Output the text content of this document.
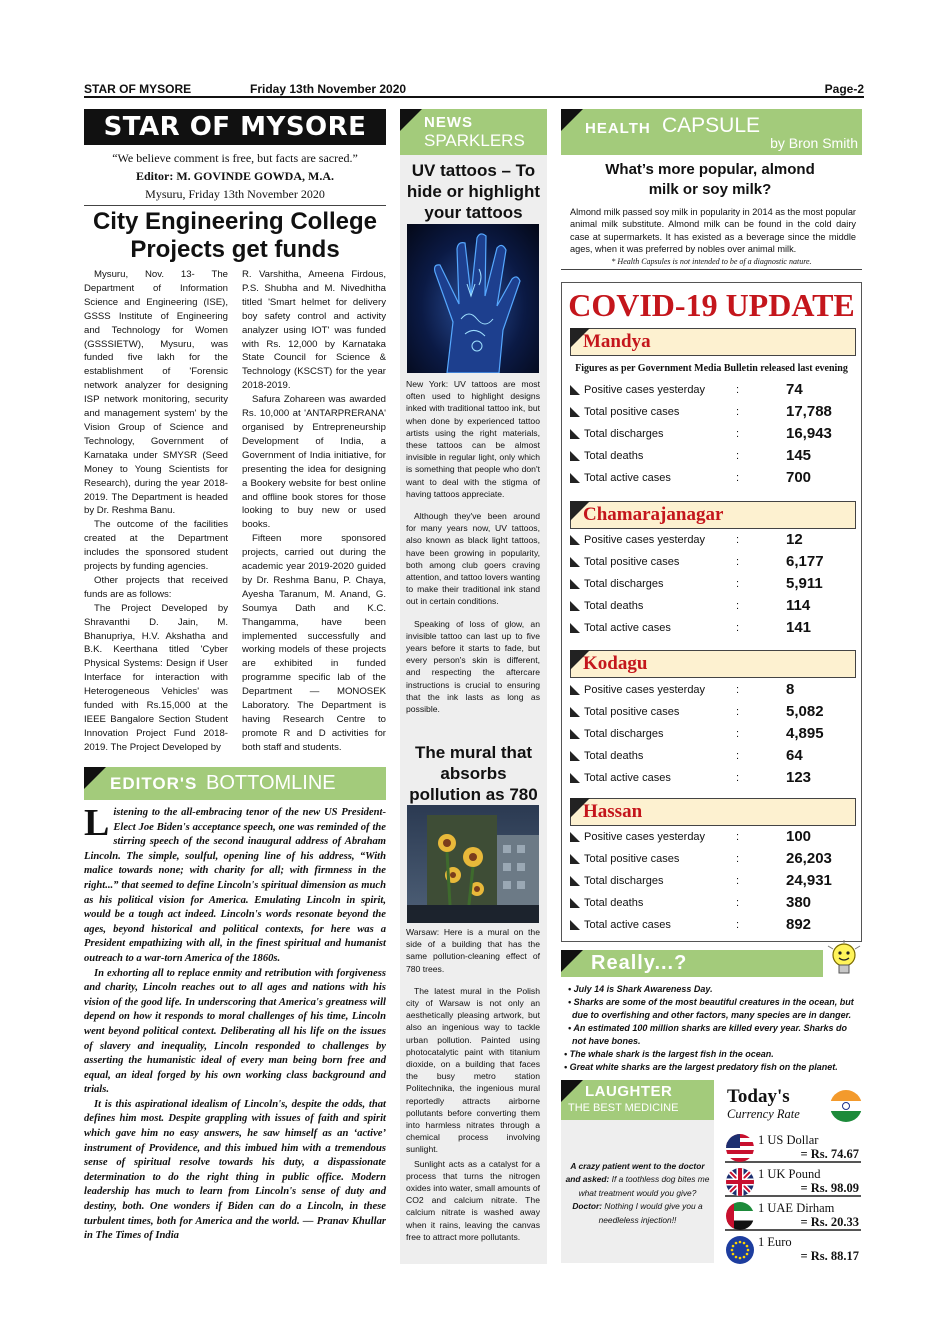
STAR OF MYSORE	Friday 13th November 2020	Page-2
STAR OF MYSORE
“We believe comment is free, but facts are sacred.”
Editor: M. GOVINDE GOWDA, M.A.
Mysuru, Friday 13th November 2020
City Engineering College Projects get funds

Mysuru, Nov. 13- The Department of Information Science and Engineering (ISE), GSSS Institute of Engineering and Technology for Women (GSSSIETW), Mysuru, was funded five lakh for the establishment of 'Forensic network analyzer for designing ISP network monitoring, security and management system' by the Vision Group of Science and Technology, Government of Karnataka under SMYSR (Seed Money to Young Scientists for Research), during the year 2018-2019. The Department is headed by Dr. Reshma Banu.

The outcome of the facilities created at the Department includes the sponsored student projects by funding agencies.

Other projects that received funds are as follows:

The Project Developed by Shravanthi D. Jain, M. Bhanupriya, H.V. Akshatha and B.K. Keerthana titled 'Cyber Physical Systems: Design if User Interface for interaction with Heterogeneous Vehicles' was funded with Rs.15,000 at the IEEE Bangalore Section Student Innovation Project Fund 2018-2019. The Project Developed by

R. Varshitha, Ameena Firdous, P.S. Shubha and M. Nivedhitha titled 'Smart helmet for delivery boy safety control and activity analyzer using IOT' was funded with Rs. 12,000 by Karnataka State Council for Science & Technology (KSCST) for the year 2018-2019.

Safura Zohareen was awarded Rs. 10,000 at 'ANTARPRERANA' organised by Entrepreneurship Development of India, a Government of India initiative, for presenting the idea for designing a Bookery website for best online and offline book stores for those looking to buy new or used books.

Fifteen more sponsored projects, carried out during the academic year 2019-2020 guided by Dr. Reshma Banu, P. Chaya, Ayesha Taranum, M. Anand, G. Soumya Dath and K.C. Thangamma, have been implemented successfully and working models of these projects are exhibited in funded programme specific lab of the Department — MONOSEK Laboratory. The Department is having Research Centre to promote R and D activities for both staff and students.

EDITOR'S BOTTOMLINE

Listening to the all-embracing tenor of the new US President-Elect Joe Biden's acceptance speech, one was reminded of the stirring speech of the second inaugural address of Abraham Lincoln. The simple, soulful, opening line of his address, “With malice towards none; with charity for all; with firmness in the right...” that seemed to define Lincoln's spiritual dimension as much as his political vision for America. Emulating Lincoln in spirit, would be a tough act indeed. Lincoln's words resonate beyond the ages, beyond historical and political contexts, for here was a President empathizing with all, in the finest spiritual and humanist outreach to a war-torn America of the 1860s.

In exhorting all to replace enmity and retribution with forgiveness and charity, Lincoln reaches out to all ages and nations with his vision of the good life. In underscoring that America's greatness will depend on how it responds to moral challenges of his time, Lincoln went beyond political context. Deliberating all his life on the issues of slavery and inequality, Lincoln responded to challenges by asserting the humanistic ideal of every man being born free and equal, an ideal forged by his own working class background and trials.

It is this aspirational idealism of Lincoln's, despite the odds, that defines him most. Despite grappling with issues of faith and spirit which gave him no easy answers, he saw himself as an ‘active’ instrument of Providence, and this imbued him with a tremendous sense of spiritual resolve towards his duty, a dispassionate determination to do the right thing in public office. Modern leadership has much to learn from Lincoln's sense of duty and destiny, both. One wonders if Biden can do a Lincoln, in these turbulent times, both for America and the world. — Pranav Khullar in The Times of India

NEWS
SPARKLERS
UV tattoos – To hide or highlight your tattoos

New York: UV tattoos are most often used to highlight designs inked with traditional tattoo ink, but when done by experienced tattoo artists using the right materials, these tattoos can be almost invisible in regular light, only which is something that people who don't want to deal with the stigma of having tattoos appreciate.

Although they've been around for many years now, UV tattoos, also known as black light tattoos, have been growing in popularity, both among club goers craving attention, and tattoo lovers wanting to make their traditional ink stand out in certain conditions.

Speaking of loss of glow, an invisible tattoo can last up to five years before it starts to fade, but every person's skin is different, and respecting the aftercare instructions is crucial to ensuring that the ink lasts as long as possible.

The mural that absorbs pollution as 780

Warsaw: Here is a mural on the side of a building that has the same pollution-cleaning effect of 780 trees.

The latest mural in the Polish city of Warsaw is not only an aesthetically pleasing artwork, but also an ingenious way to tackle urban pollution. Painted using photocatalytic paint with titanium dioxide, on a building that faces the busy metro station Politechnika, the ingenious mural reportedly attracts airborne pollutants before converting them into harmless nitrates through a chemical process involving sunlight.

Sunlight acts as a catalyst for a process that turns the nitrogen oxides into water, small amounts of CO2 and calcium nitrate. The calcium nitrate is washed away when it rains, leaving the canvas free to attract more pollutants.

HEALTH CAPSULE
by Bron Smith
What’s more popular, almond milk or soy milk?
Almond milk passed soy milk in popularity in 2014 as the most popular animal milk substitute. Almond milk can be found in the cold dairy case at supermarkets. It has existed as a beverage since the middle ages, when it was preferred by nobles over animal milk.
* Health Capsules is not intended to be of a diagnostic nature.
COVID-19 UPDATE
Mandya
Figures as per Government Media Bulletin released last evening
Positive cases yesterday	:	74
Total positive cases	:	17,788
Total discharges	:	16,943
Total deaths	:	145
Total active cases	:	700
Chamarajanagar
Positive cases yesterday	:	12
Total positive cases	:	6,177
Total discharges	:	5,911
Total deaths	:	114
Total active cases	:	141
Kodagu
Positive cases yesterday	:	8
Total positive cases	:	5,082
Total discharges	:	4,895
Total deaths	:	64
Total active cases	:	123
Hassan
Positive cases yesterday	:	100
Total positive cases	:	26,203
Total discharges	:	24,931
Total deaths	:	380
Total active cases	:	892
Really...?
• July 14 is Shark Awareness Day.
• Sharks are some of the most beautiful creatures in the ocean, but due to overfishing and other factors, many species are in danger.
• An estimated 100 million sharks are killed every year. Sharks do not have bones.
• The whale shark is the largest fish in the ocean.
• Great white sharks are the largest predatory fish on the planet.
LAUGHTER
THE BEST MEDICINE
A crazy patient went to the doctor and asked: If a toothless dog bites me what treatment would you give?
Doctor: Nothing I would give you a needleless injection!!
Today's
Currency Rate
1 US Dollar
= Rs. 74.67
1 UK Pound
= Rs. 98.09
1 UAE Dirham
= Rs. 20.33
1 Euro
= Rs. 88.17
